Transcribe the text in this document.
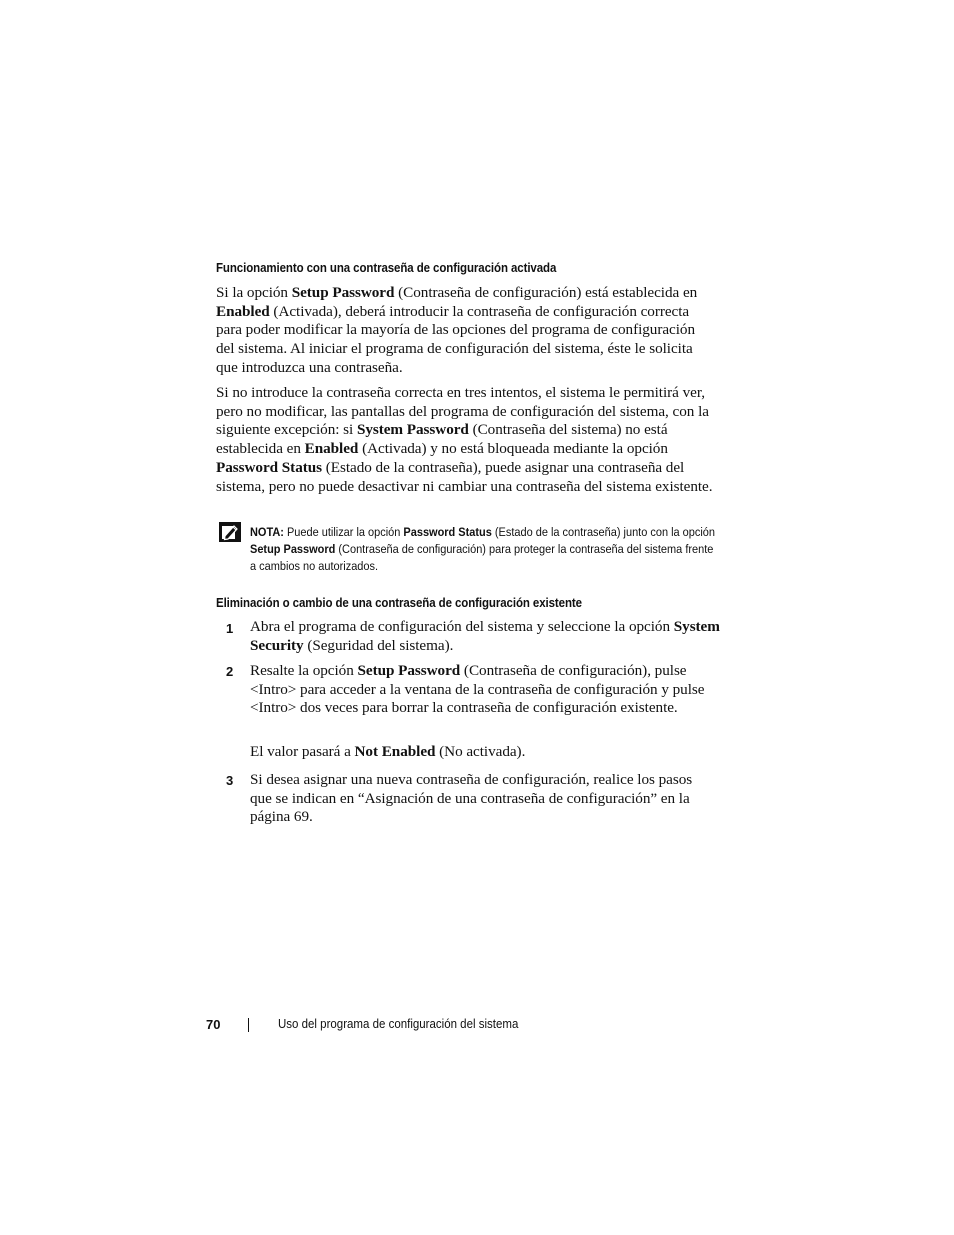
Funcionamiento con una contraseña de configuración activada
Si la opción Setup Password (Contraseña de configuración) está establecida en Enabled (Activada), deberá introducir la contraseña de configuración correcta para poder modificar la mayoría de las opciones del programa de configuración del sistema. Al iniciar el programa de configuración del sistema, éste le solicita que introduzca una contraseña.
Si no introduce la contraseña correcta en tres intentos, el sistema le permitirá ver, pero no modificar, las pantallas del programa de configuración del sistema, con la siguiente excepción: si System Password (Contraseña del sistema) no está establecida en Enabled (Activada) y no está bloqueada mediante la opción Password Status (Estado de la contraseña), puede asignar una contraseña del sistema, pero no puede desactivar ni cambiar una contraseña del sistema existente.
NOTA: Puede utilizar la opción Password Status (Estado de la contraseña) junto con la opción Setup Password (Contraseña de configuración) para proteger la contraseña del sistema frente a cambios no autorizados.
Eliminación o cambio de una contraseña de configuración existente
1 Abra el programa de configuración del sistema y seleccione la opción System Security (Seguridad del sistema).
2 Resalte la opción Setup Password (Contraseña de configuración), pulse <Intro> para acceder a la ventana de la contraseña de configuración y pulse <Intro> dos veces para borrar la contraseña de configuración existente.
El valor pasará a Not Enabled (No activada).
3 Si desea asignar una nueva contraseña de configuración, realice los pasos que se indican en “Asignación de una contraseña de configuración” en la página 69.
70	Uso del programa de configuración del sistema
